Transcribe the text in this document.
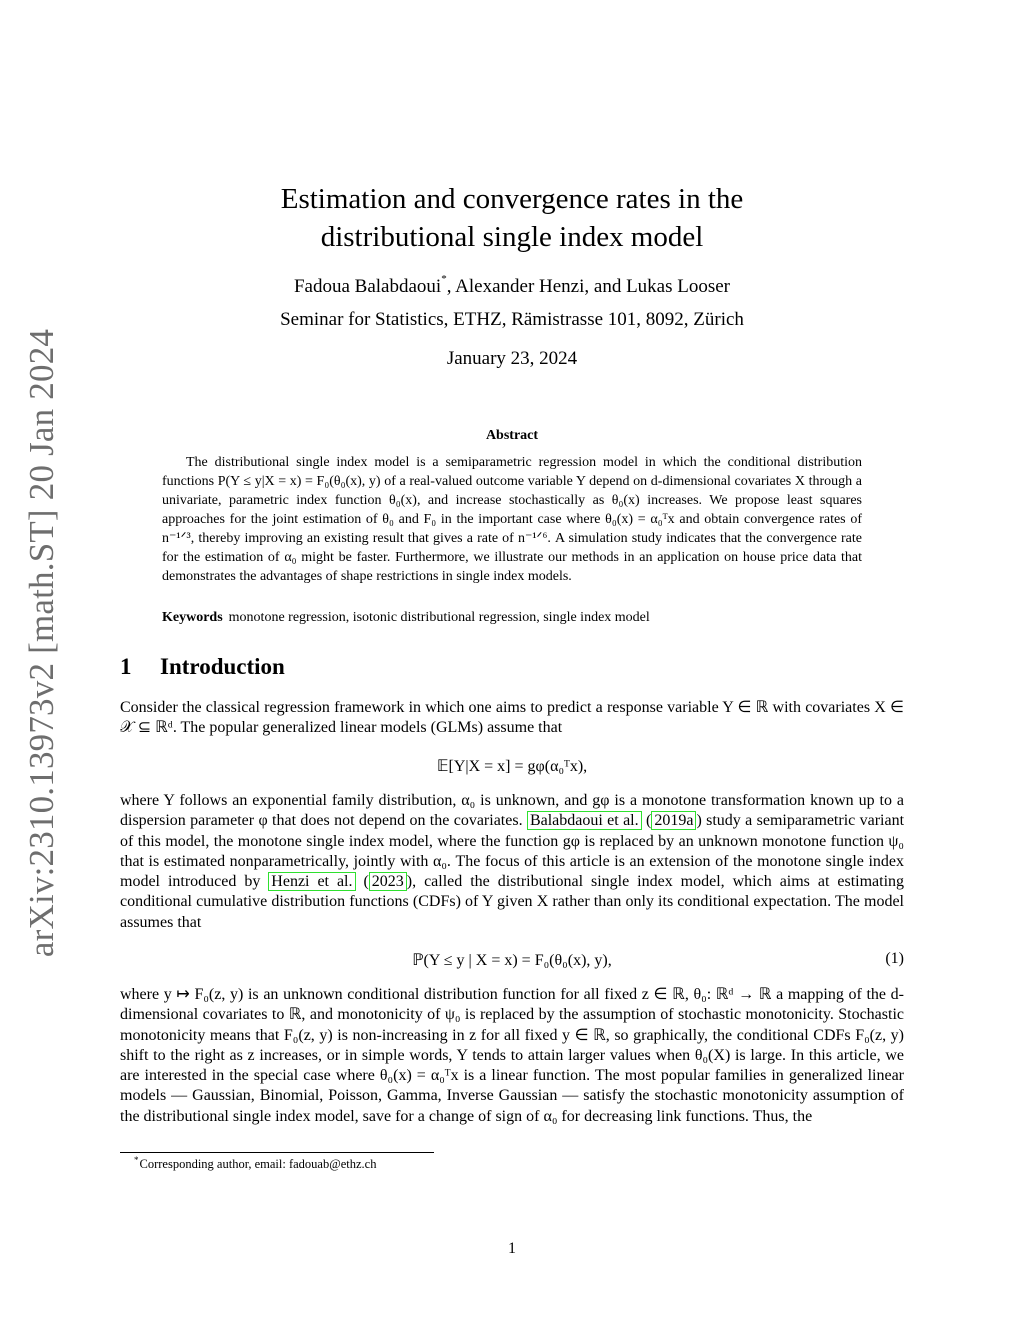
arXiv:2310.13973v2 [math.ST] 20 Jan 2024
Estimation and convergence rates in the
distributional single index model
Fadoua Balabdaoui*, Alexander Henzi, and Lukas Looser
Seminar for Statistics, ETHZ, Rämistrasse 101, 8092, Zürich
January 23, 2024
Abstract

The distributional single index model is a semiparametric regression model in which the conditional distribution functions P(Y ≤ y|X = x) = F₀(θ₀(x), y) of a real-valued outcome variable Y depend on d-dimensional covariates X through a univariate, parametric index function θ₀(x), and increase stochastically as θ₀(x) increases. We propose least squares approaches for the joint estimation of θ₀ and F₀ in the important case where θ₀(x) = α₀ᵀx and obtain convergence rates of n⁻¹ᐟ³, thereby improving an existing result that gives a rate of n⁻¹ᐟ⁶. A simulation study indicates that the convergence rate for the estimation of α₀ might be faster. Furthermore, we illustrate our methods in an application on house price data that demonstrates the advantages of shape restrictions in single index models.

Keywords monotone regression, isotonic distributional regression, single index model
1 Introduction

Consider the classical regression framework in which one aims to predict a response variable Y ∈ ℝ with covariates X ∈ 𝒳 ⊆ ℝᵈ. The popular generalized linear models (GLMs) assume that

𝔼[Y|X = x] = gφ(α₀ᵀx),

where Y follows an exponential family distribution, α₀ is unknown, and gφ is a monotone transformation known up to a dispersion parameter φ that does not depend on the covariates. Balabdaoui et al. ( 2019a ) study a semiparametric variant of this model, the monotone single index model, where the function gφ is replaced by an unknown monotone function ψ₀ that is estimated nonparametrically, jointly with α₀. The focus of this article is an extension of the monotone single index model introduced by Henzi et al. ( 2023 ), called the distributional single index model, which aims at estimating conditional cumulative distribution functions (CDFs) of Y given X rather than only its conditional expectation. The model assumes that

ℙ(Y ≤ y | X = x) = F₀(θ₀(x), y),	(1)

where y ↦ F₀(z, y) is an unknown conditional distribution function for all fixed z ∈ ℝ, θ₀: ℝᵈ → ℝ a mapping of the d-dimensional covariates to ℝ, and monotonicity of ψ₀ is replaced by the assumption of stochastic monotonicity. Stochastic monotonicity means that F₀(z, y) is non-increasing in z for all fixed y ∈ ℝ, so graphically, the conditional CDFs F₀(z, y) shift to the right as z increases, or in simple words, Y tends to attain larger values when θ₀(X) is large. In this article, we are interested in the special case where θ₀(x) = α₀ᵀx is a linear function. The most popular families in generalized linear models — Gaussian, Binomial, Poisson, Gamma, Inverse Gaussian — satisfy the stochastic monotonicity assumption of the distributional single index model, save for a change of sign of α₀ for decreasing link functions. Thus, the

*Corresponding author, email: fadouab@ethz.ch
1
